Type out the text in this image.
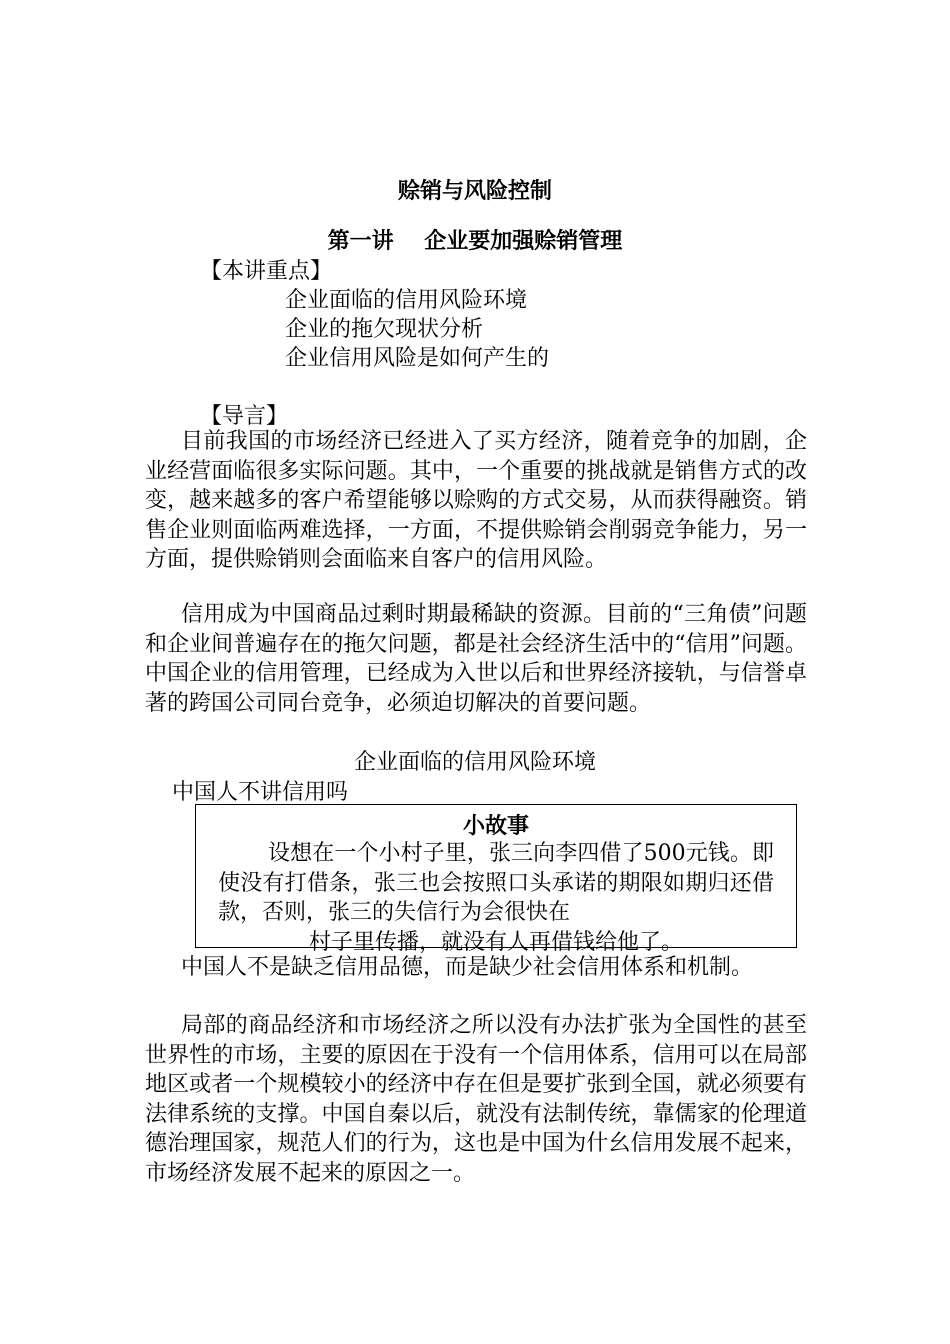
赊销与风险控制
第一讲    企业要加强赊销管理
【本讲重点】
企业面临的信用风险环境
企业的拖欠现状分析
企业信用风险是如何产生的
【导言】

目前我国的市场经济已经进入了买方经济，随着竞争的加剧，企业经营面临很多实际问题。其中，一个重要的挑战就是销售方式的改变，越来越多的客户希望能够以赊购的方式交易，从而获得融资。销售企业则面临两难选择，一方面，不提供赊销会削弱竞争能力，另一方面，提供赊销则会面临来自客户的信用风险。

信用成为中国商品过剩时期最稀缺的资源。目前的“三角债”问题和企业间普遍存在的拖欠问题，都是社会经济生活中的“信用”问题。中国企业的信用管理，已经成为入世以后和世界经济接轨，与信誉卓著的跨国公司同台竞争，必须迫切解决的首要问题。

企业面临的信用风险环境
中国人不讲信用吗
小故事

设想在一个小村子里，张三向李四借了500元钱。即使没有打借条，张三也会按照口头承诺的期限如期归还借款，否则，张三的失信行为会很快在
村子里传播，就没有人再借钱给他了。

中国人不是缺乏信用品德，而是缺少社会信用体系和机制。

局部的商品经济和市场经济之所以没有办法扩张为全国性的甚至世界性的市场，主要的原因在于没有一个信用体系，信用可以在局部地区或者一个规模较小的经济中存在但是要扩张到全国，就必须要有法律系统的支撑。中国自秦以后，就没有法制传统，靠儒家的伦理道德治理国家，规范人们的行为，这也是中国为什幺信用发展不起来，市场经济发展不起来的原因之一。
